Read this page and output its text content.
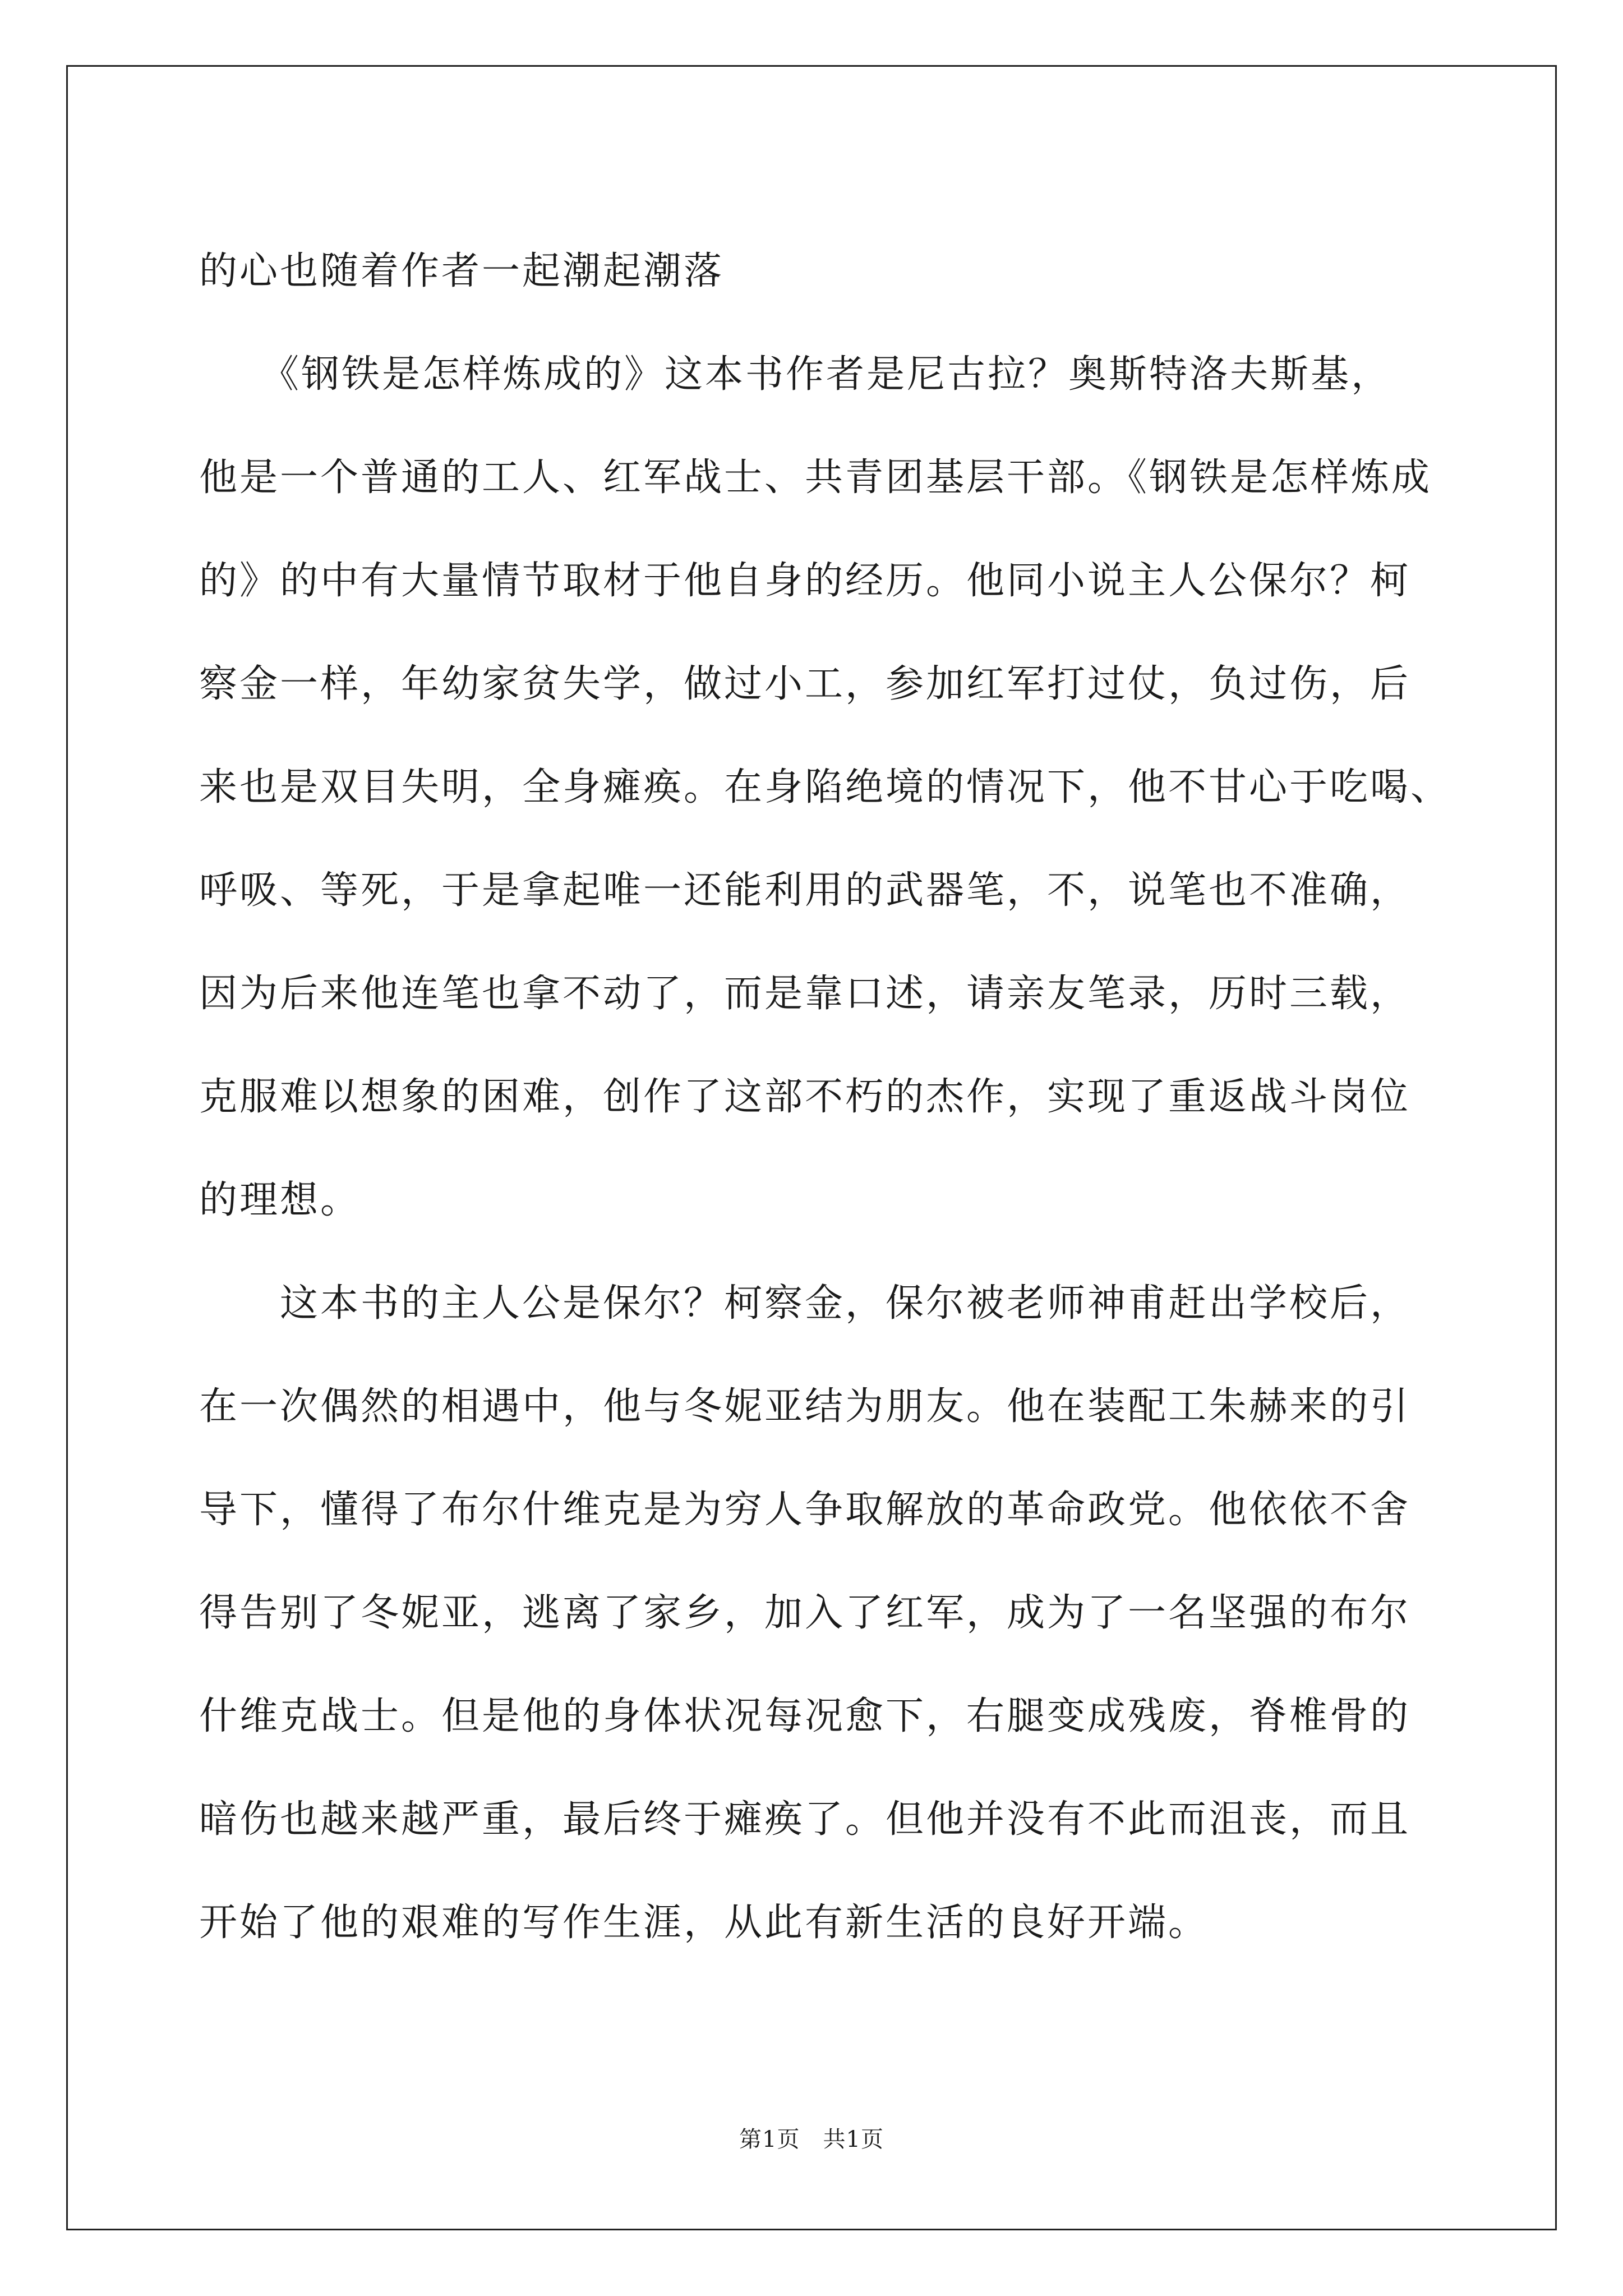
的心也随着作者一起潮起潮落
　　《钢铁是怎样炼成的》这本书作者是尼古拉？奥斯特洛夫斯基，
他是一个普通的工人、红军战士、共青团基层干部。《钢铁是怎样炼成
的》的中有大量情节取材于他自身的经历。他同小说主人公保尔？柯
察金一样，年幼家贫失学，做过小工，参加红军打过仗，负过伤，后
来也是双目失明，全身瘫痪。在身陷绝境的情况下，他不甘心于吃喝、
呼吸、等死，于是拿起唯一还能利用的武器笔，不，说笔也不准确，
因为后来他连笔也拿不动了，而是靠口述，请亲友笔录，历时三载，
克服难以想象的困难，创作了这部不朽的杰作，实现了重返战斗岗位
的理想。
　　这本书的主人公是保尔？柯察金，保尔被老师神甫赶出学校后，
在一次偶然的相遇中，他与冬妮亚结为朋友。他在装配工朱赫来的引
导下，懂得了布尔什维克是为穷人争取解放的革命政党。他依依不舍
得告别了冬妮亚，逃离了家乡，加入了红军，成为了一名坚强的布尔
什维克战士。但是他的身体状况每况愈下，右腿变成残废，脊椎骨的
暗伤也越来越严重，最后终于瘫痪了。但他并没有不此而沮丧，而且
开始了他的艰难的写作生涯，从此有新生活的良好开端。
第1页　共1页
